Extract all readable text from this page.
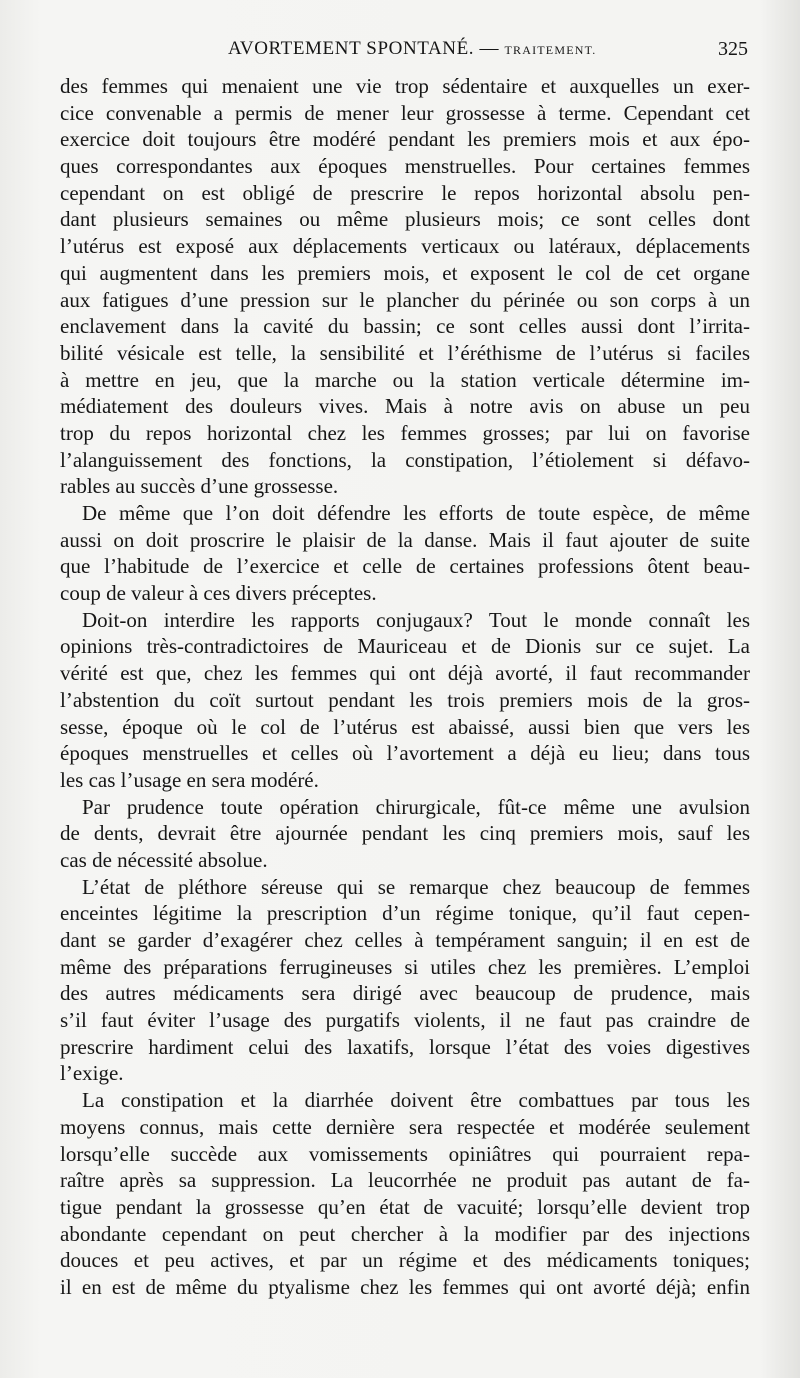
AVORTEMENT SPONTANÉ. — TRAITEMENT.	325
des femmes qui menaient une vie trop sédentaire et auxquelles un exer-
cice convenable a permis de mener leur grossesse à terme. Cependant cet
exercice doit toujours être modéré pendant les premiers mois et aux épo-
ques correspondantes aux époques menstruelles. Pour certaines femmes
cependant on est obligé de prescrire le repos horizontal absolu pen-
dant plusieurs semaines ou même plusieurs mois; ce sont celles dont
l’utérus est exposé aux déplacements verticaux ou latéraux, déplacements
qui augmentent dans les premiers mois, et exposent le col de cet organe
aux fatigues d’une pression sur le plancher du périnée ou son corps à un
enclavement dans la cavité du bassin; ce sont celles aussi dont l’irrita-
bilité vésicale est telle, la sensibilité et l’éréthisme de l’utérus si faciles
à mettre en jeu, que la marche ou la station verticale détermine im-
médiatement des douleurs vives. Mais à notre avis on abuse un peu
trop du repos horizontal chez les femmes grosses; par lui on favorise
l’alanguissement des fonctions, la constipation, l’étiolement si défavo-
rables au succès d’une grossesse.
De même que l’on doit défendre les efforts de toute espèce, de même
aussi on doit proscrire le plaisir de la danse. Mais il faut ajouter de suite
que l’habitude de l’exercice et celle de certaines professions ôtent beau-
coup de valeur à ces divers préceptes.
Doit-on interdire les rapports conjugaux? Tout le monde connaît les
opinions très-contradictoires de Mauriceau et de Dionis sur ce sujet. La
vérité est que, chez les femmes qui ont déjà avorté, il faut recommander
l’abstention du coït surtout pendant les trois premiers mois de la gros-
sesse, époque où le col de l’utérus est abaissé, aussi bien que vers les
époques menstruelles et celles où l’avortement a déjà eu lieu; dans tous
les cas l’usage en sera modéré.
Par prudence toute opération chirurgicale, fût-ce même une avulsion
de dents, devrait être ajournée pendant les cinq premiers mois, sauf les
cas de nécessité absolue.
L’état de pléthore séreuse qui se remarque chez beaucoup de femmes
enceintes légitime la prescription d’un régime tonique, qu’il faut cepen-
dant se garder d’exagérer chez celles à tempérament sanguin; il en est de
même des préparations ferrugineuses si utiles chez les premières. L’emploi
des autres médicaments sera dirigé avec beaucoup de prudence, mais
s’il faut éviter l’usage des purgatifs violents, il ne faut pas craindre de
prescrire hardiment celui des laxatifs, lorsque l’état des voies digestives
l’exige.
La constipation et la diarrhée doivent être combattues par tous les
moyens connus, mais cette dernière sera respectée et modérée seulement
lorsqu’elle succède aux vomissements opiniâtres qui pourraient repa-
raître après sa suppression. La leucorrhée ne produit pas autant de fa-
tigue pendant la grossesse qu’en état de vacuité; lorsqu’elle devient trop
abondante cependant on peut chercher à la modifier par des injections
douces et peu actives, et par un régime et des médicaments toniques;
il en est de même du ptyalisme chez les femmes qui ont avorté déjà; enfin
